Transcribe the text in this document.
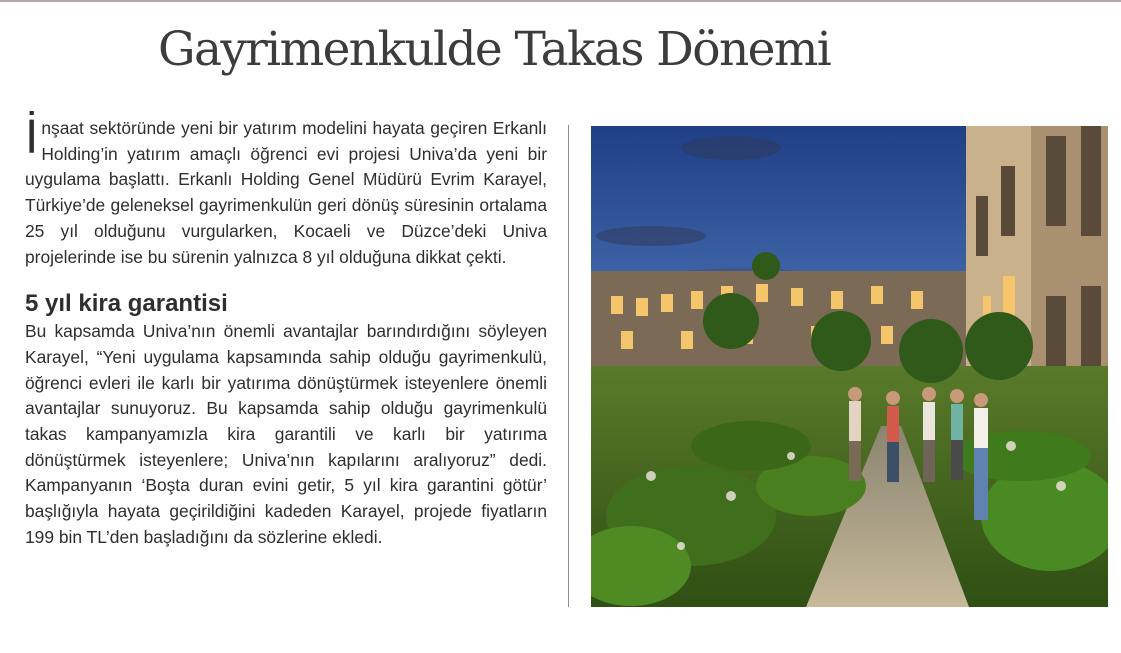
Gayrimenkulde Takas Dönemi

İnşaat sektöründe yeni bir yatırım modelini hayata geçiren Erkanlı Holding’in yatırım amaçlı öğrenci evi projesi Univa’da yeni bir uygulama başlattı. Erkanlı Holding Genel Müdürü Evrim Karayel, Türkiye’de geleneksel gayrimenkulün geri dönüş süresinin ortalama 25 yıl olduğunu vurgularken, Kocaeli ve Düzce’deki Univa projelerinde ise bu sürenin yalnızca 8 yıl olduğuna dikkat çekti.

5 yıl kira garantisi

Bu kapsamda Univa’nın önemli avantajlar barındırdığını söyleyen Karayel, “Yeni uygulama kapsamında sahip olduğu gayrimenkulü, öğrenci evleri ile karlı bir yatırıma dönüştürmek isteyenlere önemli avantajlar sunuyoruz. Bu kapsamda sahip olduğu gayrimenkulü takas kampanyamızla kira garantili ve karlı bir yatırıma dönüştürmek isteyenlere; Univa’nın kapılarını aralıyoruz” dedi. Kampanyanın ‘Boşta duran evini getir, 5 yıl kira garantini götür’ başlığıyla hayata geçirildiğini kadeden Karayel, projede fiyatların 199 bin TL’den başladığını da sözlerine ekledi.
